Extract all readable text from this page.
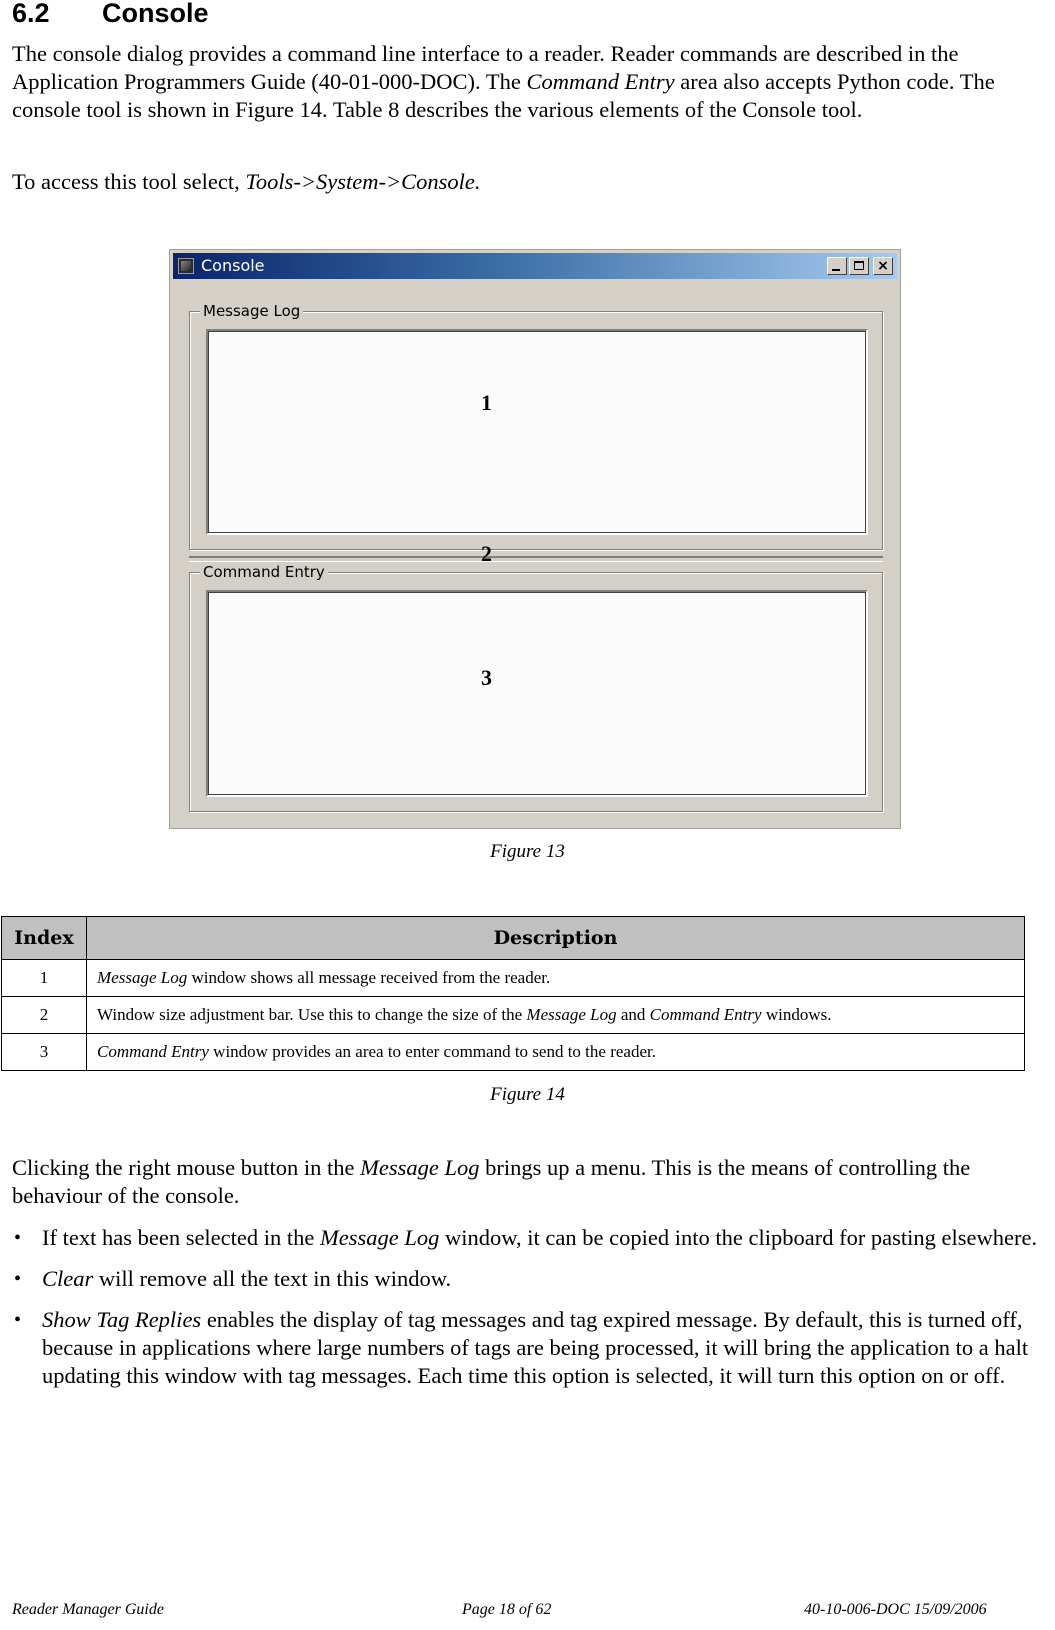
6.2 Console

The console dialog provides a command line interface to a reader. Reader commands are described in the Application Programmers Guide (40-01-000-DOC). The Command Entry area also accepts Python code. The console tool is shown in Figure 14. Table 8 describes the various elements of the Console tool.

To access this tool select, Tools->System->Console.

Console	×
Message Log
Command Entry
1
2
3
Figure 13
Index	Description
1	Message Log window shows all message received from the reader.
2	Window size adjustment bar. Use this to change the size of the Message Log and Command Entry windows.
3	Command Entry window provides an area to enter command to send to the reader.
Figure 14

Clicking the right mouse button in the Message Log brings up a menu. This is the means of controlling the behaviour of the console.

• If text has been selected in the Message Log window, it can be copied into the clipboard for pasting elsewhere.
• Clear will remove all the text in this window.
• Show Tag Replies enables the display of tag messages and tag expired message. By default, this is turned off, because in applications where large numbers of tags are being processed, it will bring the application to a halt updating this window with tag messages. Each time this option is selected, it will turn this option on or off.
Reader Manager Guide	Page 18 of 62	40-10-006-DOC 15/09/2006
